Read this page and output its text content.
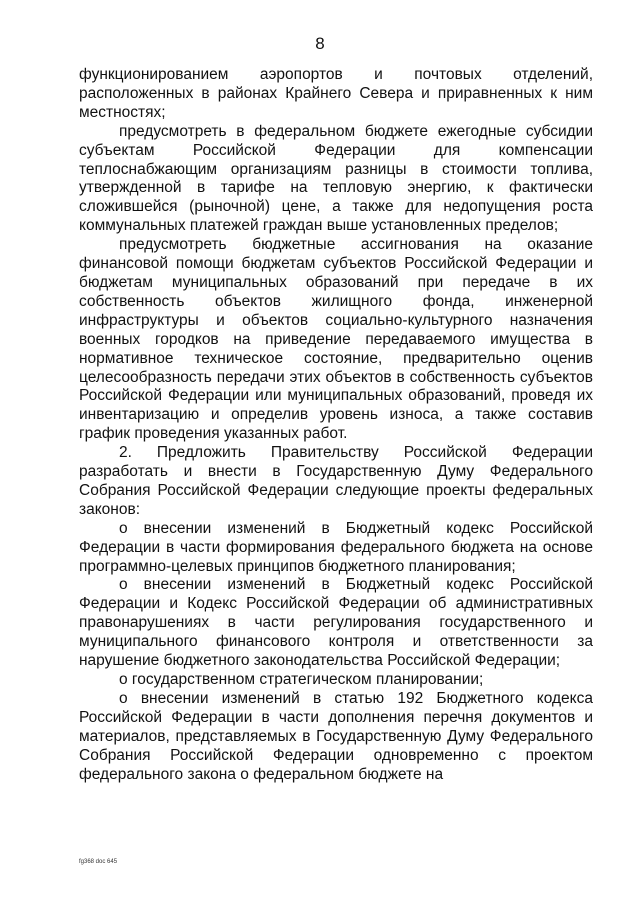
8

функционированием аэропортов и почтовых отделений, расположенных в районах Крайнего Севера и приравненных к ним местностях;

предусмотреть в федеральном бюджете ежегодные субсидии субъектам Российской Федерации для компенсации теплоснабжающим организациям разницы в стоимости топлива, утвержденной в тарифе на тепловую энергию, к фактически сложившейся (рыночной) цене, а также для недопущения роста коммунальных платежей граждан выше установленных пределов;

предусмотреть бюджетные ассигнования на оказание финансовой помощи бюджетам субъектов Российской Федерации и бюджетам муниципальных образований при передаче в их собственность объектов жилищного фонда, инженерной инфраструктуры и объектов социально-культурного назначения военных городков на приведение передаваемого имущества в нормативное техническое состояние, предварительно оценив целесообразность передачи этих объектов в собственность субъектов Российской Федерации или муниципальных образований, проведя их инвентаризацию и определив уровень износа, а также составив график проведения указанных работ.

2. Предложить Правительству Российской Федерации разработать и внести в Государственную Думу Федерального Собрания Российской Федерации следующие проекты федеральных законов:

о внесении изменений в Бюджетный кодекс Российской Федерации в части формирования федерального бюджета на основе программно-целевых принципов бюджетного планирования;

о внесении изменений в Бюджетный кодекс Российской Федерации и Кодекс Российской Федерации об административных правонарушениях в части регулирования государственного и муниципального финансового контроля и ответственности за нарушение бюджетного законодательства Российской Федерации;

о государственном стратегическом планировании;

о внесении изменений в статью 192 Бюджетного кодекса Российской Федерации в части дополнения перечня документов и материалов, представляемых в Государственную Думу Федерального Собрания Российской Федерации одновременно с проектом федерального закона о федеральном бюджете на

fg368 doc 645
